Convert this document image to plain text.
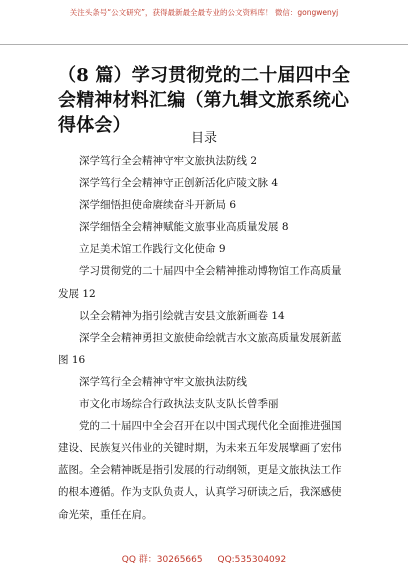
关注头条号“公文研究”，获得最新最全最专业的公文资料库！ 微信：gongwenyj
（8 篇）学习贯彻党的二十届四中全会精神材料汇编（第九辑文旅系统心得体会）
目录

深学笃行全会精神守牢文旅执法防线 2

深学笃行全会精神守正创新活化庐陵文脉 4

深学细悟担使命赓续奋斗开新局 6

深学细悟全会精神赋能文旅事业高质量发展 8

立足美术馆工作践行文化使命 9

学习贯彻党的二十届四中全会精神推动博物馆工作高质量发展 12

以全会精神为指引绘就吉安县文旅新画卷 14

深学全会精神勇担文旅使命绘就吉水文旅高质量发展新蓝图 16

深学笃行全会精神守牢文旅执法防线

市文化市场综合行政执法支队支队长曾季丽

党的二十届四中全会召开在以中国式现代化全面推进强国建设、民族复兴伟业的关键时期，为未来五年发展擘画了宏伟蓝图。全会精神既是指引发展的行动纲领，更是文旅执法工作的根本遵循。作为支队负责人，认真学习研读之后，我深感使命光荣，重任在肩。

QQ 群：30265665 QQ:535304092
